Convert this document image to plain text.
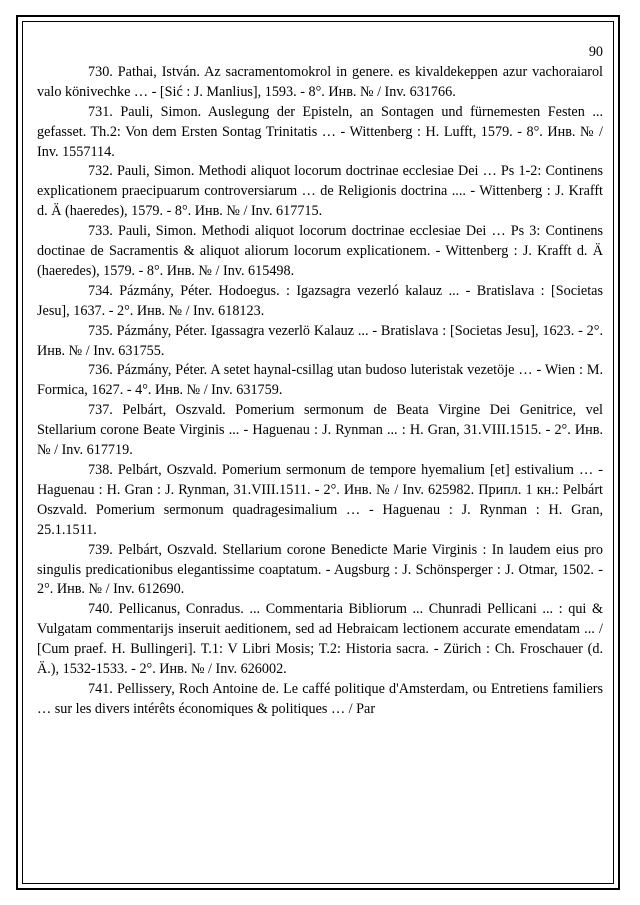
90

730. Pathai, István. Az sacramentomokrol in genere. es kivaldekeppen azur vachoraiarol valo könivechke … - [Sić : J. Manlius], 1593. - 8°. Инв. № / Inv. 631766.

731. Pauli, Simon. Auslegung der Episteln, an Sontagen und fürnemesten Festen ... gefasset. Th.2: Von dem Ersten Sontag Trinitatis … - Wittenberg : H. Lufft, 1579. - 8°. Инв. № / Inv. 1557114.

732. Pauli, Simon. Methodi aliquot locorum doctrinae ecclesiae Dei … Ps 1-2: Continens explicationem praecipuarum controversiarum … de Religionis doctrina .... - Wittenberg : J. Krafft d. Ä (haeredes), 1579. - 8°. Инв. № / Inv. 617715.

733. Pauli, Simon. Methodi aliquot locorum doctrinae ecclesiae Dei … Ps 3: Continens doctinae de Sacramentis & aliquot aliorum locorum explicationem. - Wittenberg : J. Krafft d. Ä (haeredes), 1579. - 8°. Инв. № / Inv. 615498.

734. Pázmány, Péter. Hodoegus. : Igazsagra vezerló kalauz ... - Bratislava : [Societas Jesu], 1637. - 2°. Инв. № / Inv. 618123.

735. Pázmány, Péter. Igassagra vezerlö Kalauz ... - Bratislava : [Societas Jesu], 1623. - 2°. Инв. № / Inv. 631755.

736. Pázmány, Péter. A setet haynal-csillag utan budoso luteristak vezetöje … - Wien : M. Formica, 1627. - 4°. Инв. № / Inv. 631759.

737. Pelbárt, Oszvald. Pomerium sermonum de Beata Virgine Dei Genitrice, vel Stellarium corone Beate Virginis ... - Haguenau : J. Rynman ... : H. Gran, 31.VIII.1515. - 2°. Инв. № / Inv. 617719.

738. Pelbárt, Oszvald. Pomerium sermonum de tempore hyemalium [et] estivalium … - Haguenau : H. Gran : J. Rynman, 31.VIII.1511. - 2°. Инв. № / Inv. 625982. Припл. 1 кн.: Pelbárt Oszvald. Pomerium sermonum quadragesimalium … - Haguenau : J. Rynman : H. Gran, 25.1.1511.

739. Pelbárt, Oszvald. Stellarium corone Benedicte Marie Virginis : In laudem eius pro singulis predicationibus elegantissime coaptatum. - Augsburg : J. Schönsperger : J. Otmar, 1502. - 2°. Инв. № / Inv. 612690.

740. Pellicanus, Conradus. ... Commentaria Bibliorum ... Chunradi Pellicani ... : qui & Vulgatam commentarijs inseruit aeditionem, sed ad Hebraicam lectionem accurate emendatam ... / [Cum praef. H. Bullingeri]. T.1: V Libri Mosis; T.2: Historia sacra. - Zürich : Ch. Froschauer (d. Ä.), 1532-1533. - 2°. Инв. № / Inv. 626002.

741. Pellissery, Roch Antoine de. Le caffé politique d'Amsterdam, ou Entretiens familiers … sur les divers intérêts économiques & politiques … / Par
